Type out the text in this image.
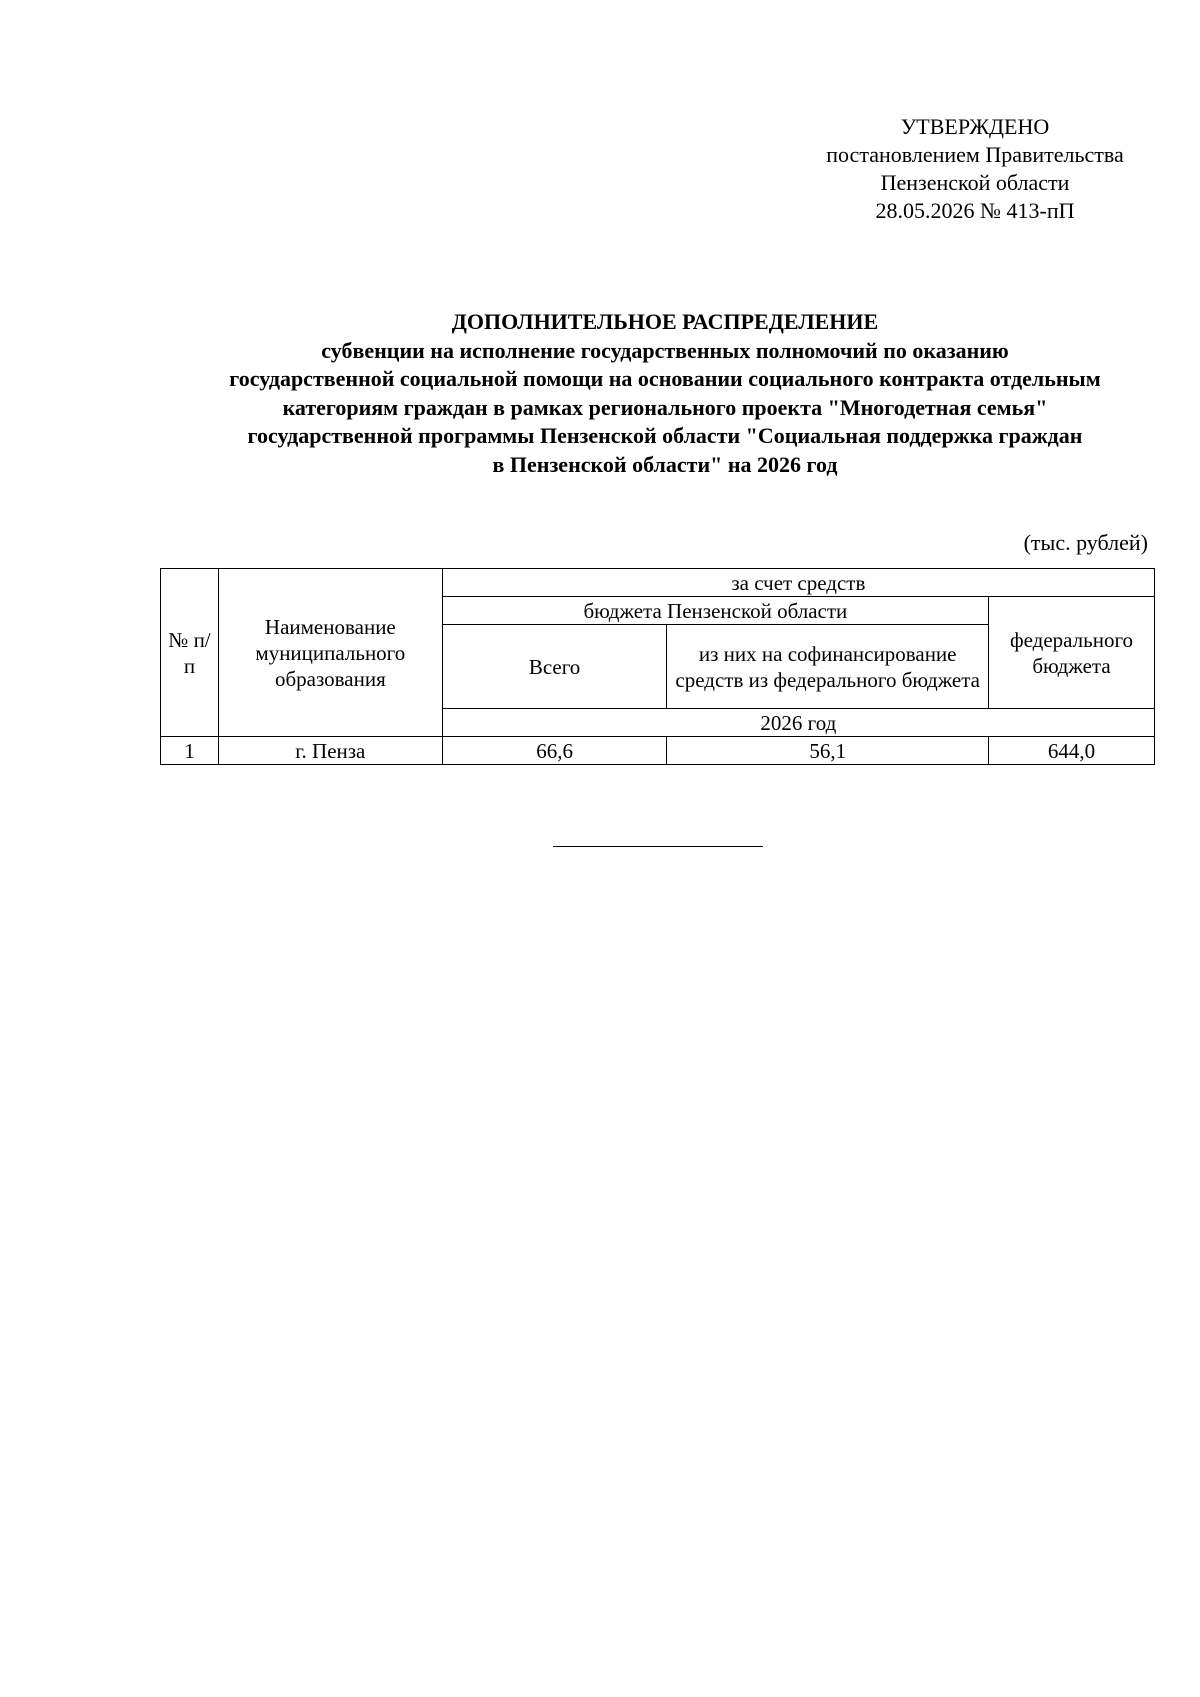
УТВЕРЖДЕНО
постановлением Правительства
Пензенской области
28.05.2026 № 413-пП
ДОПОЛНИТЕЛЬНОЕ РАСПРЕДЕЛЕНИЕ
субвенции на исполнение государственных полномочий по оказанию
государственной социальной помощи на основании социального контракта отдельным
категориям граждан в рамках регионального проекта "Многодетная семья"
государственной программы Пензенской области "Социальная поддержка граждан
в Пензенской области" на 2026 год
(тыс. рублей)
№ п/п	Наименование муниципального образования	за счет средств		
		бюджета Пензенской области		федерального бюджета
		Всего	из них на софинансирование средств из федерального бюджета	
		2026 год		
1	г. Пенза	66,6	56,1	644,0
